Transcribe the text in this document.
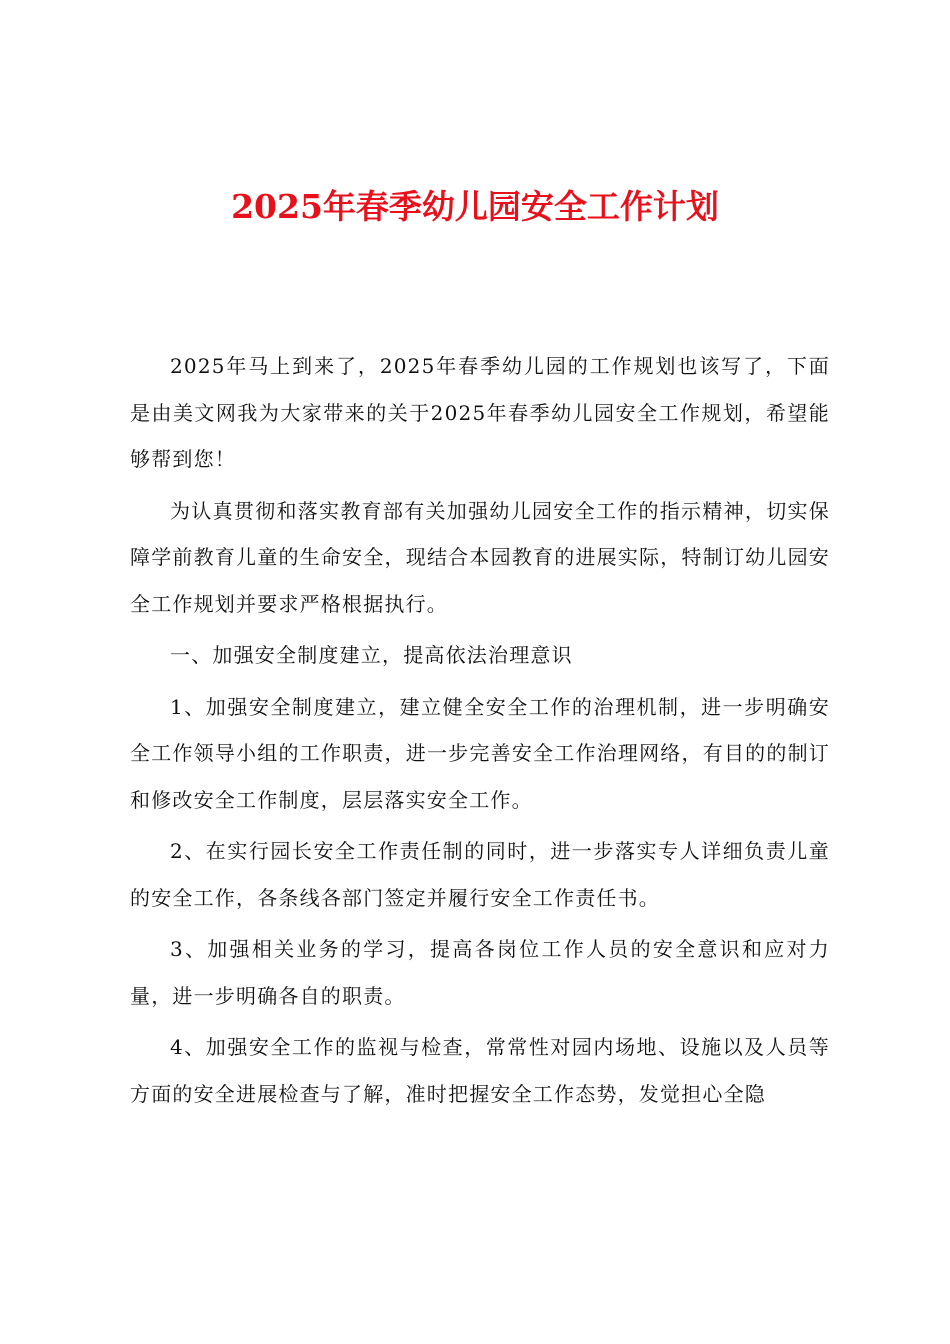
2025年春季幼儿园安全工作计划

2025年马上到来了，2025年春季幼儿园的工作规划也该写了，下面是由美文网我为大家带来的关于2025年春季幼儿园安全工作规划，希望能够帮到您！

为认真贯彻和落实教育部有关加强幼儿园安全工作的指示精神，切实保障学前教育儿童的生命安全，现结合本园教育的进展实际，特制订幼儿园安全工作规划并要求严格根据执行。

一、加强安全制度建立，提高依法治理意识

1、加强安全制度建立，建立健全安全工作的治理机制，进一步明确安全工作领导小组的工作职责，进一步完善安全工作治理网络，有目的的制订和修改安全工作制度，层层落实安全工作。

2、在实行园长安全工作责任制的同时，进一步落实专人详细负责儿童的安全工作，各条线各部门签定并履行安全工作责任书。

3、加强相关业务的学习，提高各岗位工作人员的安全意识和应对力量，进一步明确各自的职责。

4、加强安全工作的监视与检查，常常性对园内场地、设施以及人员等方面的安全进展检查与了解，准时把握安全工作态势，发觉担心全隐
